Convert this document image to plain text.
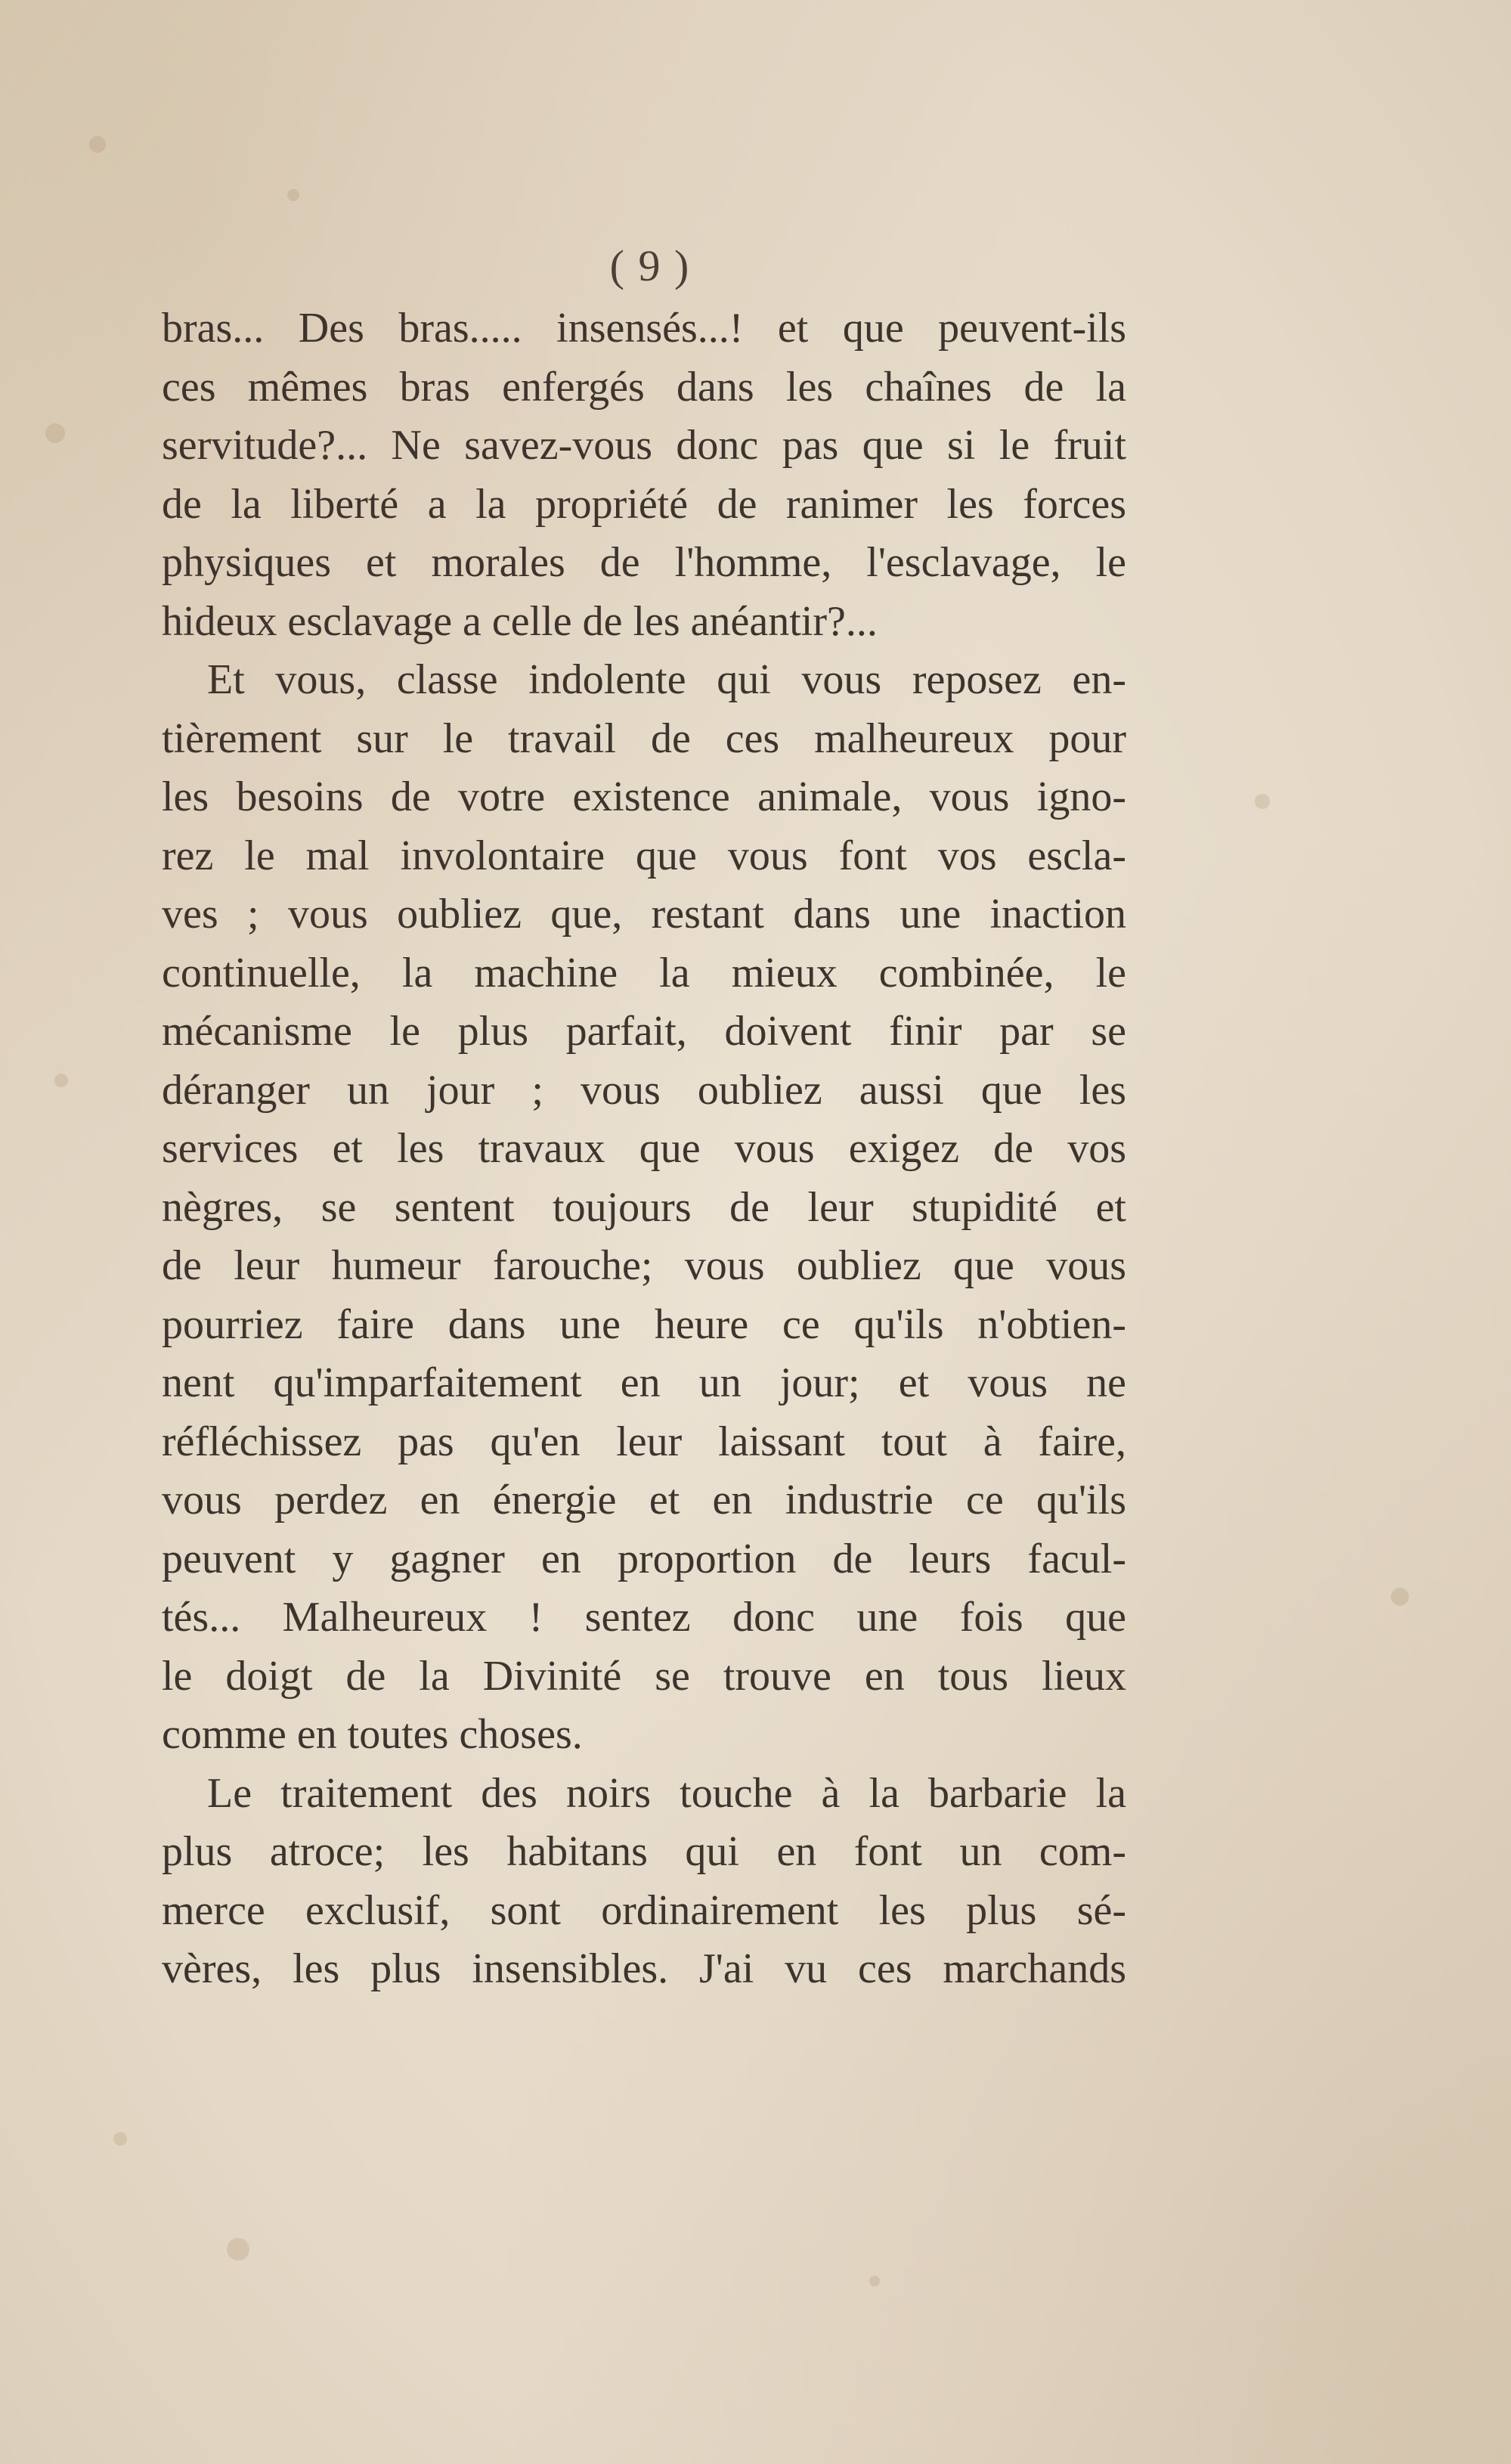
( 9 )
bras... Des bras..... insensés...! et que peuvent-ils
ces mêmes bras enfergés dans les chaînes de la
servitude?... Ne savez-vous donc pas que si le fruit
de la liberté a la propriété de ranimer les forces
physiques et morales de l'homme, l'esclavage, le
hideux esclavage a celle de les anéantir?...
Et vous, classe indolente qui vous reposez en-
tièrement sur le travail de ces malheureux pour
les besoins de votre existence animale, vous igno-
rez le mal involontaire que vous font vos escla-
ves ; vous oubliez que, restant dans une inaction
continuelle, la machine la mieux combinée, le
mécanisme le plus parfait, doivent finir par se
déranger un jour ; vous oubliez aussi que les
services et les travaux que vous exigez de vos
nègres, se sentent toujours de leur stupidité et
de leur humeur farouche; vous oubliez que vous
pourriez faire dans une heure ce qu'ils n'obtien-
nent qu'imparfaitement en un jour; et vous ne
réfléchissez pas qu'en leur laissant tout à faire,
vous perdez en énergie et en industrie ce qu'ils
peuvent y gagner en proportion de leurs facul-
tés... Malheureux ! sentez donc une fois que
le doigt de la Divinité se trouve en tous lieux
comme en toutes choses.
Le traitement des noirs touche à la barbarie la
plus atroce; les habitans qui en font un com-
merce exclusif, sont ordinairement les plus sé-
vères, les plus insensibles. J'ai vu ces marchands
